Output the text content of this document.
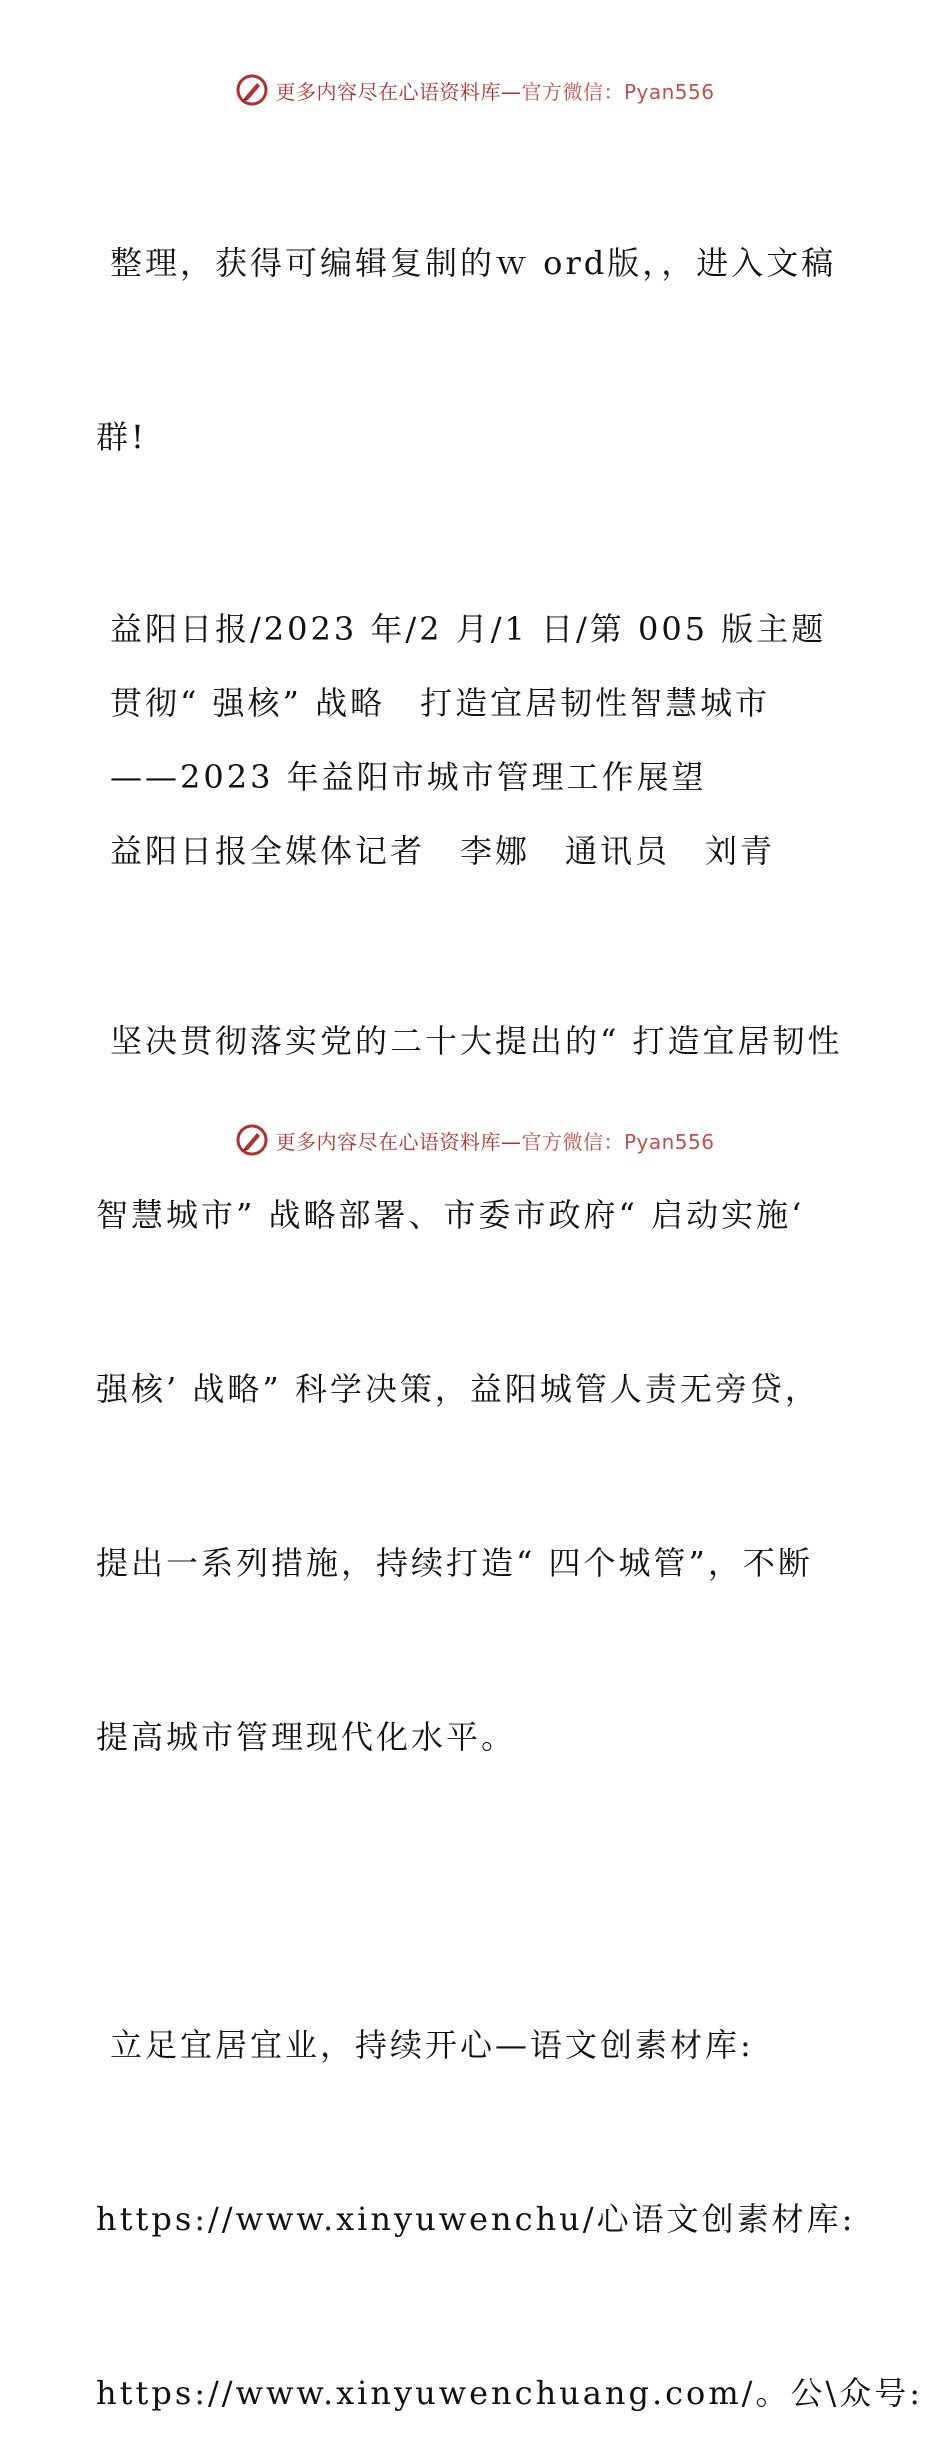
更多内容尽在心语资料库—官方微信：Pyan556

整理，获得可编辑复制的ｗ ord版，，进入文稿

群!

益阳日报/2023 年/2 月/1 日/第 005 版主题
贯彻“ 强核” 战略　打造宜居韧性智慧城市
——2023 年益阳市城市管理工作展望
益阳日报全媒体记者　李娜　通讯员　刘青

坚决贯彻落实党的二十大提出的“ 打造宜居韧性

智慧城市” 战略部署、市委市政府“ 启动实施‘

强核’ 战略” 科学决策，益阳城管人责无旁贷，

提出一系列措施，持续打造“ 四个城管”，不断

提高城市管理现代化水平。

立足宜居宜业，持续开心—语文创素材库:

https://www.xinyuwenchu/心语文创素材库:

https://www.xinyuwenchuang.com/。公\众号:

更多内容尽在心语资料库—官方微信：Pyan556
